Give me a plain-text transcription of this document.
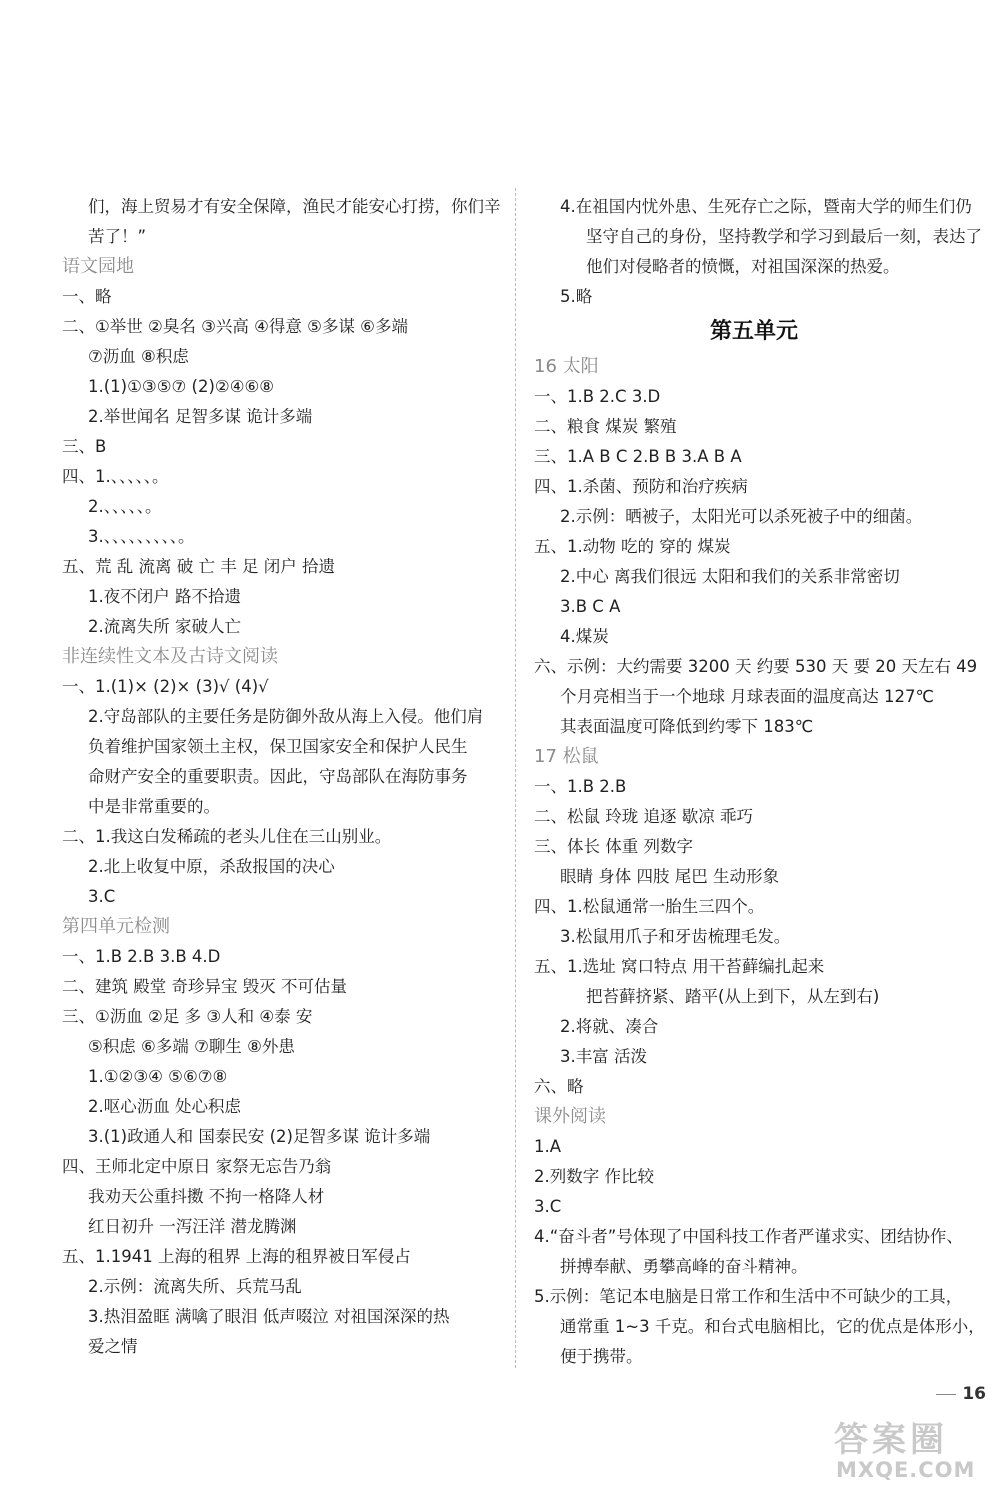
们，海上贸易才有安全保障，渔民才能安心打捞，你们辛
苦了！”
语文园地
一、略
二、①举世 ②臭名 ③兴高 ④得意 ⑤多谋 ⑥多端
⑦沥血 ⑧积虑
1.(1)①③⑤⑦ (2)②④⑥⑧
2.举世闻名 足智多谋 诡计多端
三、B
四、1.、、、、、。
2.、、、、、。
3.、、、、、、、、、。
五、荒 乱 流离 破 亡 丰 足 闭户 拾遗
1.夜不闭户 路不拾遗
2.流离失所 家破人亡
非连续性文本及古诗文阅读
一、1.(1)× (2)× (3)√ (4)√
2.守岛部队的主要任务是防御外敌从海上入侵。他们肩
负着维护国家领土主权，保卫国家安全和保护人民生
命财产安全的重要职责。因此，守岛部队在海防事务
中是非常重要的。
二、1.我这白发稀疏的老头儿住在三山别业。
2.北上收复中原，杀敌报国的决心
3.C
第四单元检测
一、1.B 2.B 3.B 4.D
二、建筑 殿堂 奇珍异宝 毁灭 不可估量
三、①沥血 ②足 多 ③人和 ④泰 安
⑤积虑 ⑥多端 ⑦聊生 ⑧外患
1.①②③④ ⑤⑥⑦⑧
2.呕心沥血 处心积虑
3.(1)政通人和 国泰民安 (2)足智多谋 诡计多端
四、王师北定中原日 家祭无忘告乃翁
我劝天公重抖擞 不拘一格降人材
红日初升 一泻汪洋 潜龙腾渊
五、1.1941 上海的租界 上海的租界被日军侵占
2.示例：流离失所、兵荒马乱
3.热泪盈眶 满噙了眼泪 低声啜泣 对祖国深深的热
爱之情
4.在祖国内忧外患、生死存亡之际，暨南大学的师生们仍
坚守自己的身份，坚持教学和学习到最后一刻，表达了
他们对侵略者的愤慨，对祖国深深的热爱。
5.略
第五单元
16 太阳
一、1.B 2.C 3.D
二、粮食 煤炭 繁殖
三、1.A B C 2.B B 3.A B A
四、1.杀菌、预防和治疗疾病
2.示例：晒被子，太阳光可以杀死被子中的细菌。
五、1.动物 吃的 穿的 煤炭
2.中心 离我们很远 太阳和我们的关系非常密切
3.B C A
4.煤炭
六、示例：大约需要 3200 天 约要 530 天 要 20 天左右 49
个月亮相当于一个地球 月球表面的温度高达 127℃
其表面温度可降低到约零下 183℃
17 松鼠
一、1.B 2.B
二、松鼠 玲珑 追逐 歇凉 乖巧
三、体长 体重 列数字
眼睛 身体 四肢 尾巴 生动形象
四、1.松鼠通常一胎生三四个。
3.松鼠用爪子和牙齿梳理毛发。
五、1.选址 窝口特点 用干苔藓编扎起来
把苔藓挤紧、踏平(从上到下，从左到右)
2.将就、凑合
3.丰富 活泼
六、略
课外阅读
1.A
2.列数字 作比较
3.C
4.“奋斗者”号体现了中国科技工作者严谨求实、团结协作、
拼搏奉献、勇攀高峰的奋斗精神。
5.示例：笔记本电脑是日常工作和生活中不可缺少的工具，
通常重 1~3 千克。和台式电脑相比，它的优点是体形小，
便于携带。
16
答案圈
MXQE.COM
